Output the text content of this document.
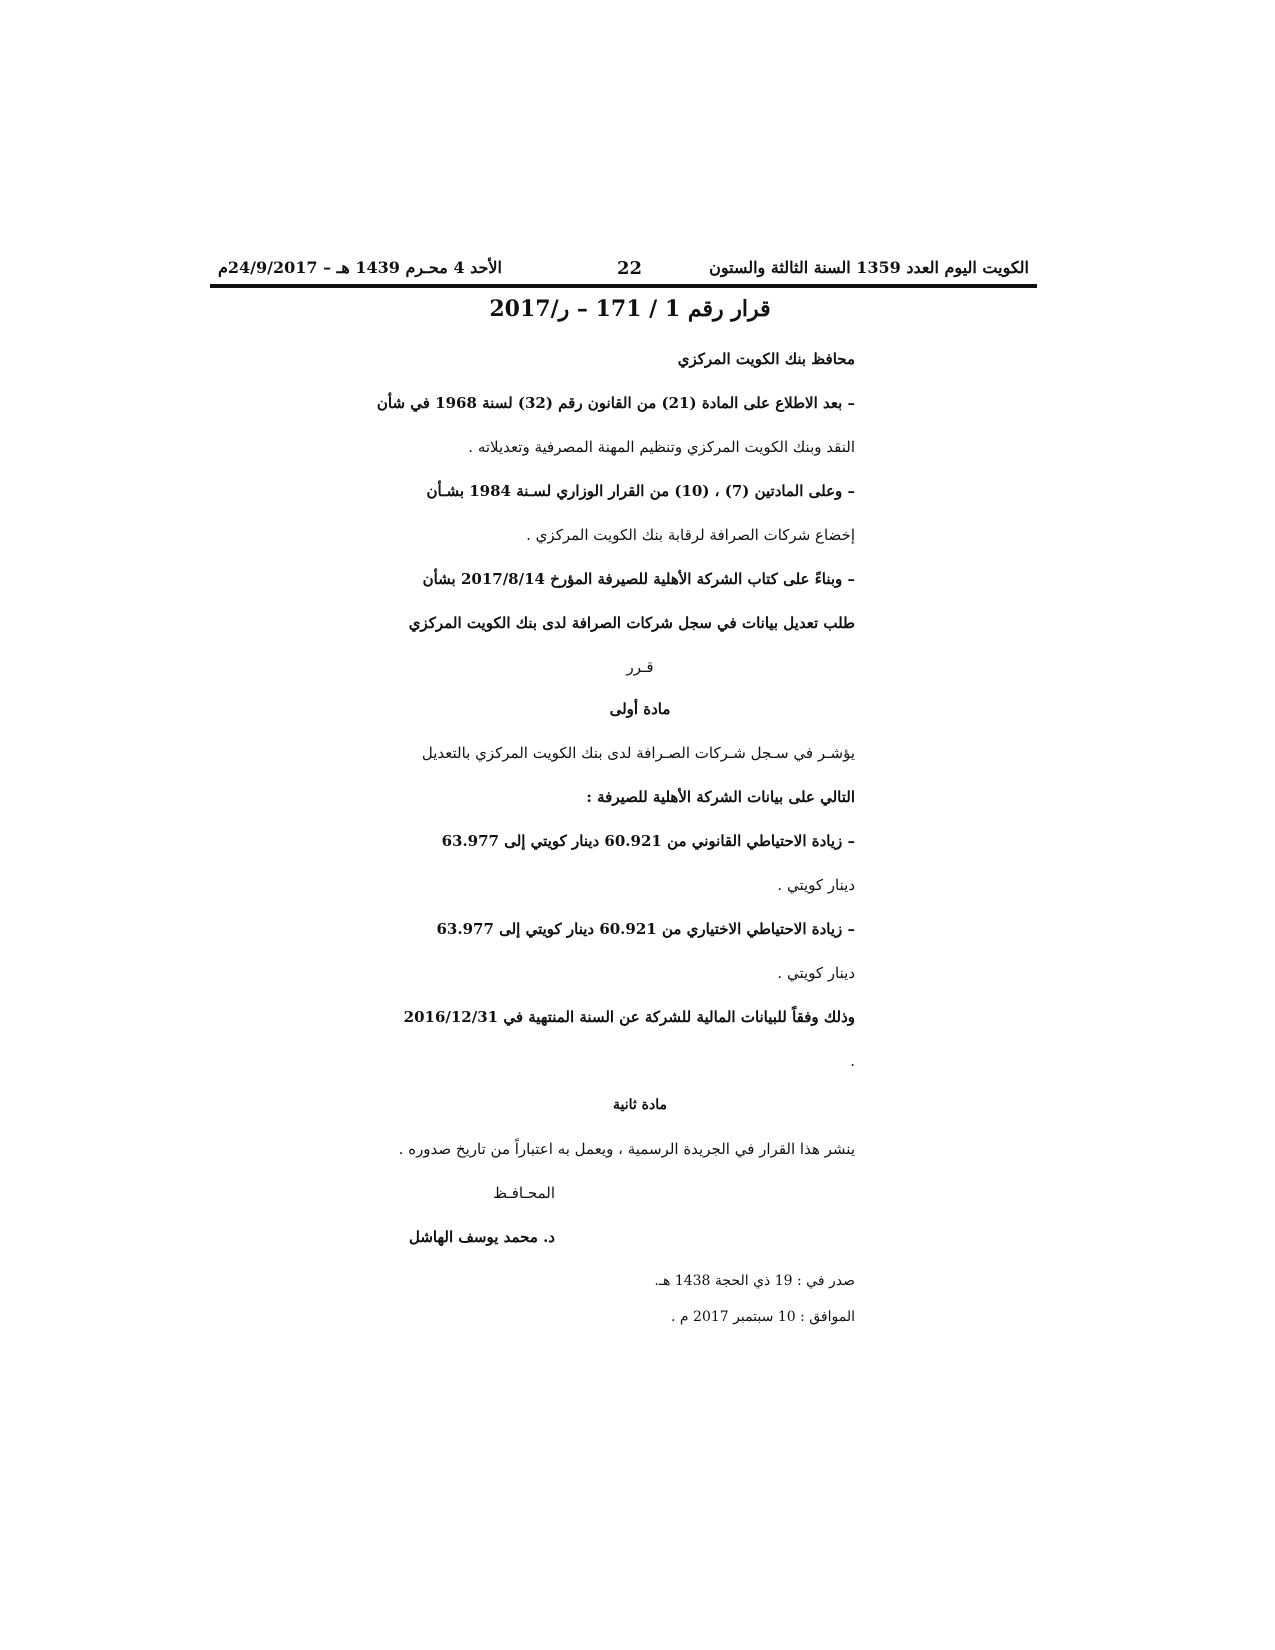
الكويت اليوم العدد 1359 السنة الثالثة والستون
22
الأحد 4 محـرم 1439 هـ – 24/9/2017م
قرار رقم 1 / 171 – ر/2017
محافظ بنك الكويت المركزي
– بعد الاطلاع على المادة (21) من القانون رقم (32) لسنة 1968 في شأن
النقد وبنك الكويت المركزي وتنظيم المهنة المصرفية وتعديلاته .
– وعلى المادتين (7) ، (10) من القرار الوزاري لسـنة 1984 بشـأن
إخضاع شركات الصرافة لرقابة بنك الكويت المركزي .
– وبناءً على كتاب الشركة الأهلية للصيرفة المؤرخ 2017/8/14 بشأن
طلب تعديل بيانات في سجل شركات الصرافة لدى بنك الكويت المركزي
قـرر
مادة أولى
يؤشـر في سـجل شـركات الصـرافة لدى بنك الكويت المركزي بالتعديل
التالي على بيانات الشركة الأهلية للصيرفة :
– زيادة الاحتياطي القانوني من 60.921 دينار كويتي إلى 63.977
دينار كويتي .
– زيادة الاحتياطي الاختياري من 60.921 دينار كويتي إلى 63.977
دينار كويتي .
وذلك وفقاً للبيانات المالية للشركة عن السنة المنتهية في 2016/12/31
.
مادة ثانية
ينشر هذا القرار في الجريدة الرسمية ، ويعمل به اعتباراً من تاريخ صدوره .
المحـافـظ
د. محمد يوسف الهاشل
صدر في : 19 ذي الحجة 1438 هـ.
الموافق : 10 سبتمبر 2017 م .
